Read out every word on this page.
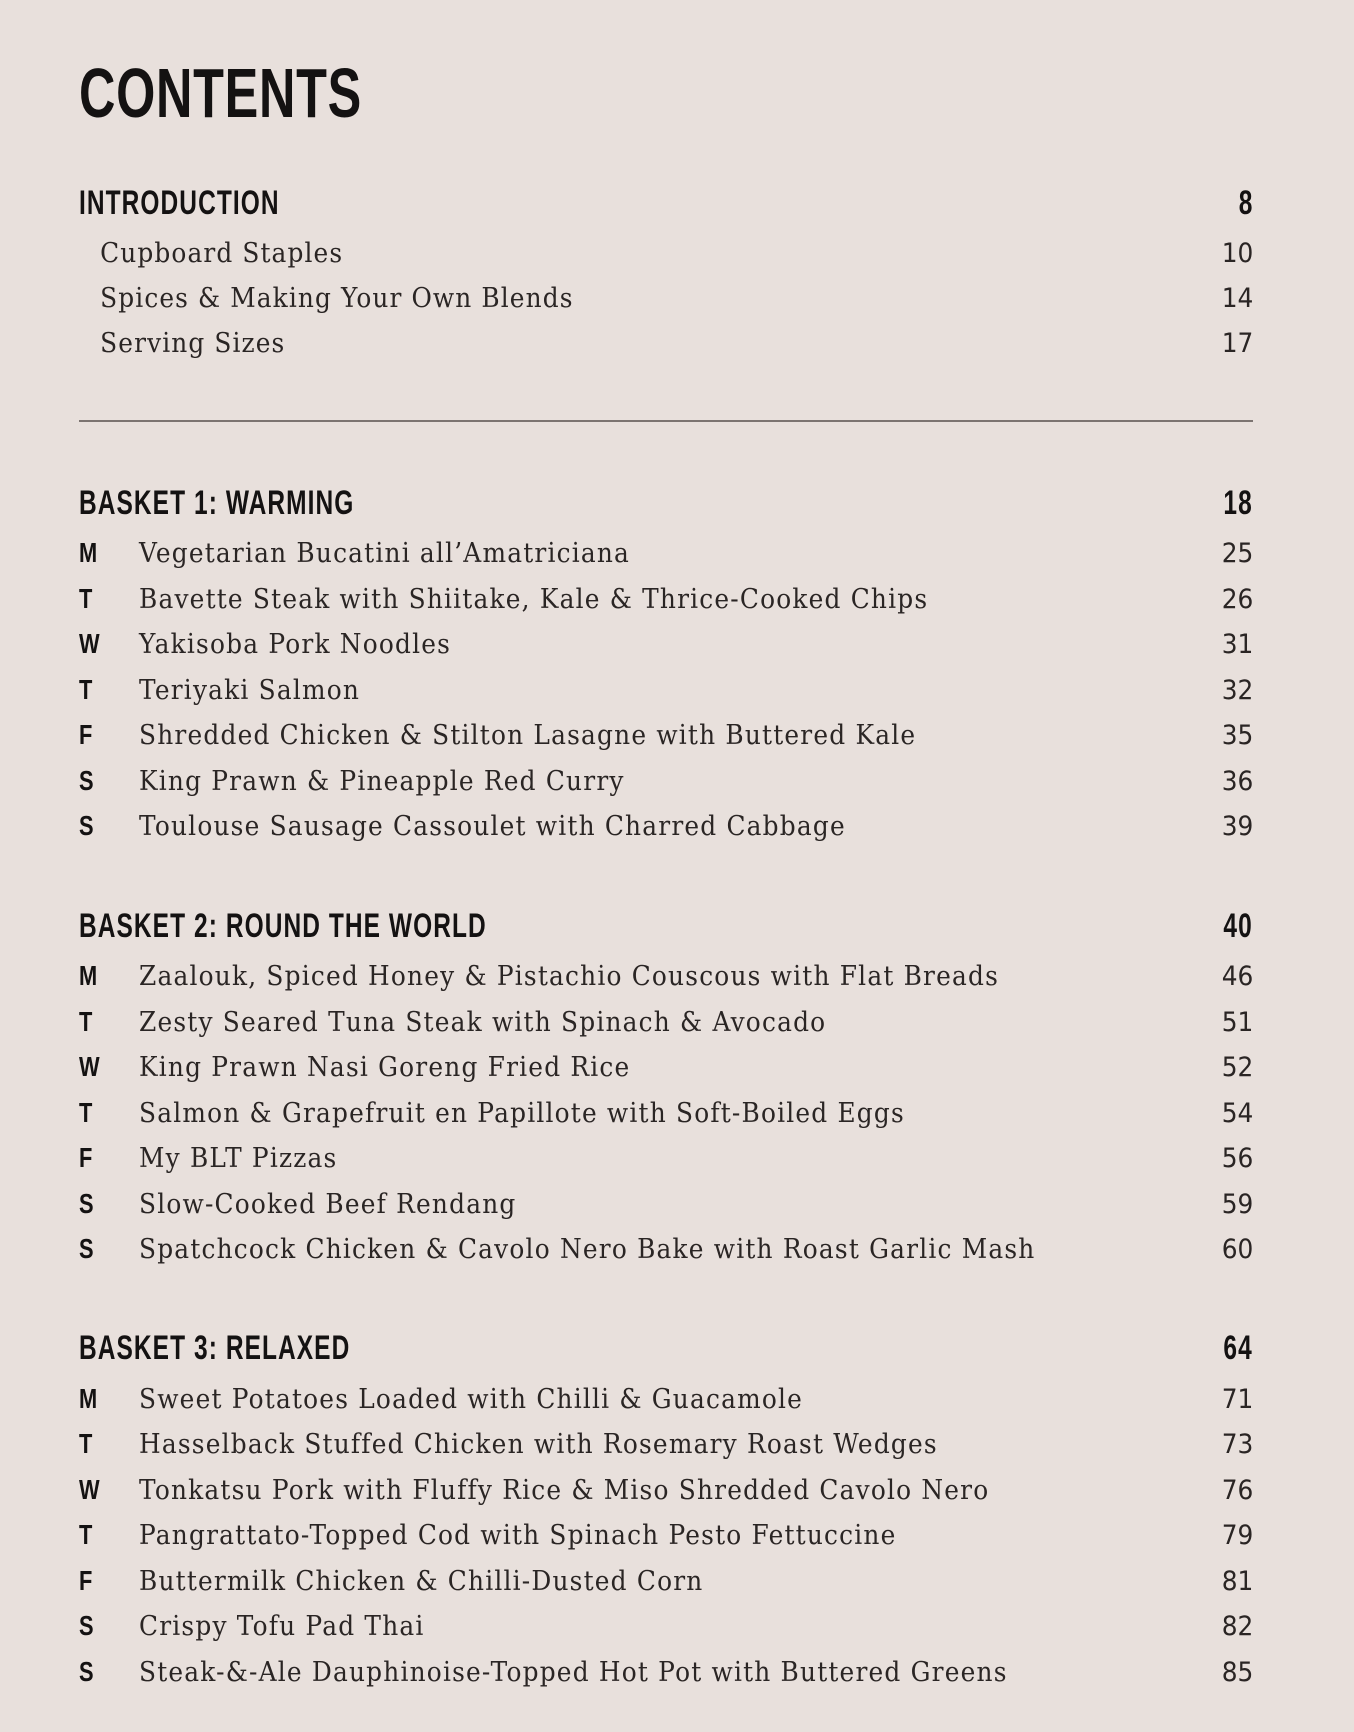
CONTENTS
INTRODUCTION	8
Cupboard Staples	10
Spices & Making Your Own Blends	14
Serving Sizes	17
BASKET 1: WARMING	18
M	Vegetarian Bucatini all’Amatriciana	25
T	Bavette Steak with Shiitake, Kale & Thrice-Cooked Chips	26
W	Yakisoba Pork Noodles	31
T	Teriyaki Salmon	32
F	Shredded Chicken & Stilton Lasagne with Buttered Kale	35
S	King Prawn & Pineapple Red Curry	36
S	Toulouse Sausage Cassoulet with Charred Cabbage	39
BASKET 2: ROUND THE WORLD	40
M	Zaalouk, Spiced Honey & Pistachio Couscous with Flat Breads	46
T	Zesty Seared Tuna Steak with Spinach & Avocado	51
W	King Prawn Nasi Goreng Fried Rice	52
T	Salmon & Grapefruit en Papillote with Soft-Boiled Eggs	54
F	My BLT Pizzas	56
S	Slow-Cooked Beef Rendang	59
S	Spatchcock Chicken & Cavolo Nero Bake with Roast Garlic Mash	60
BASKET 3: RELAXED	64
M	Sweet Potatoes Loaded with Chilli & Guacamole	71
T	Hasselback Stuffed Chicken with Rosemary Roast Wedges	73
W	Tonkatsu Pork with Fluffy Rice & Miso Shredded Cavolo Nero	76
T	Pangrattato-Topped Cod with Spinach Pesto Fettuccine	79
F	Buttermilk Chicken & Chilli-Dusted Corn	81
S	Crispy Tofu Pad Thai	82
S	Steak-&-Ale Dauphinoise-Topped Hot Pot with Buttered Greens	85
